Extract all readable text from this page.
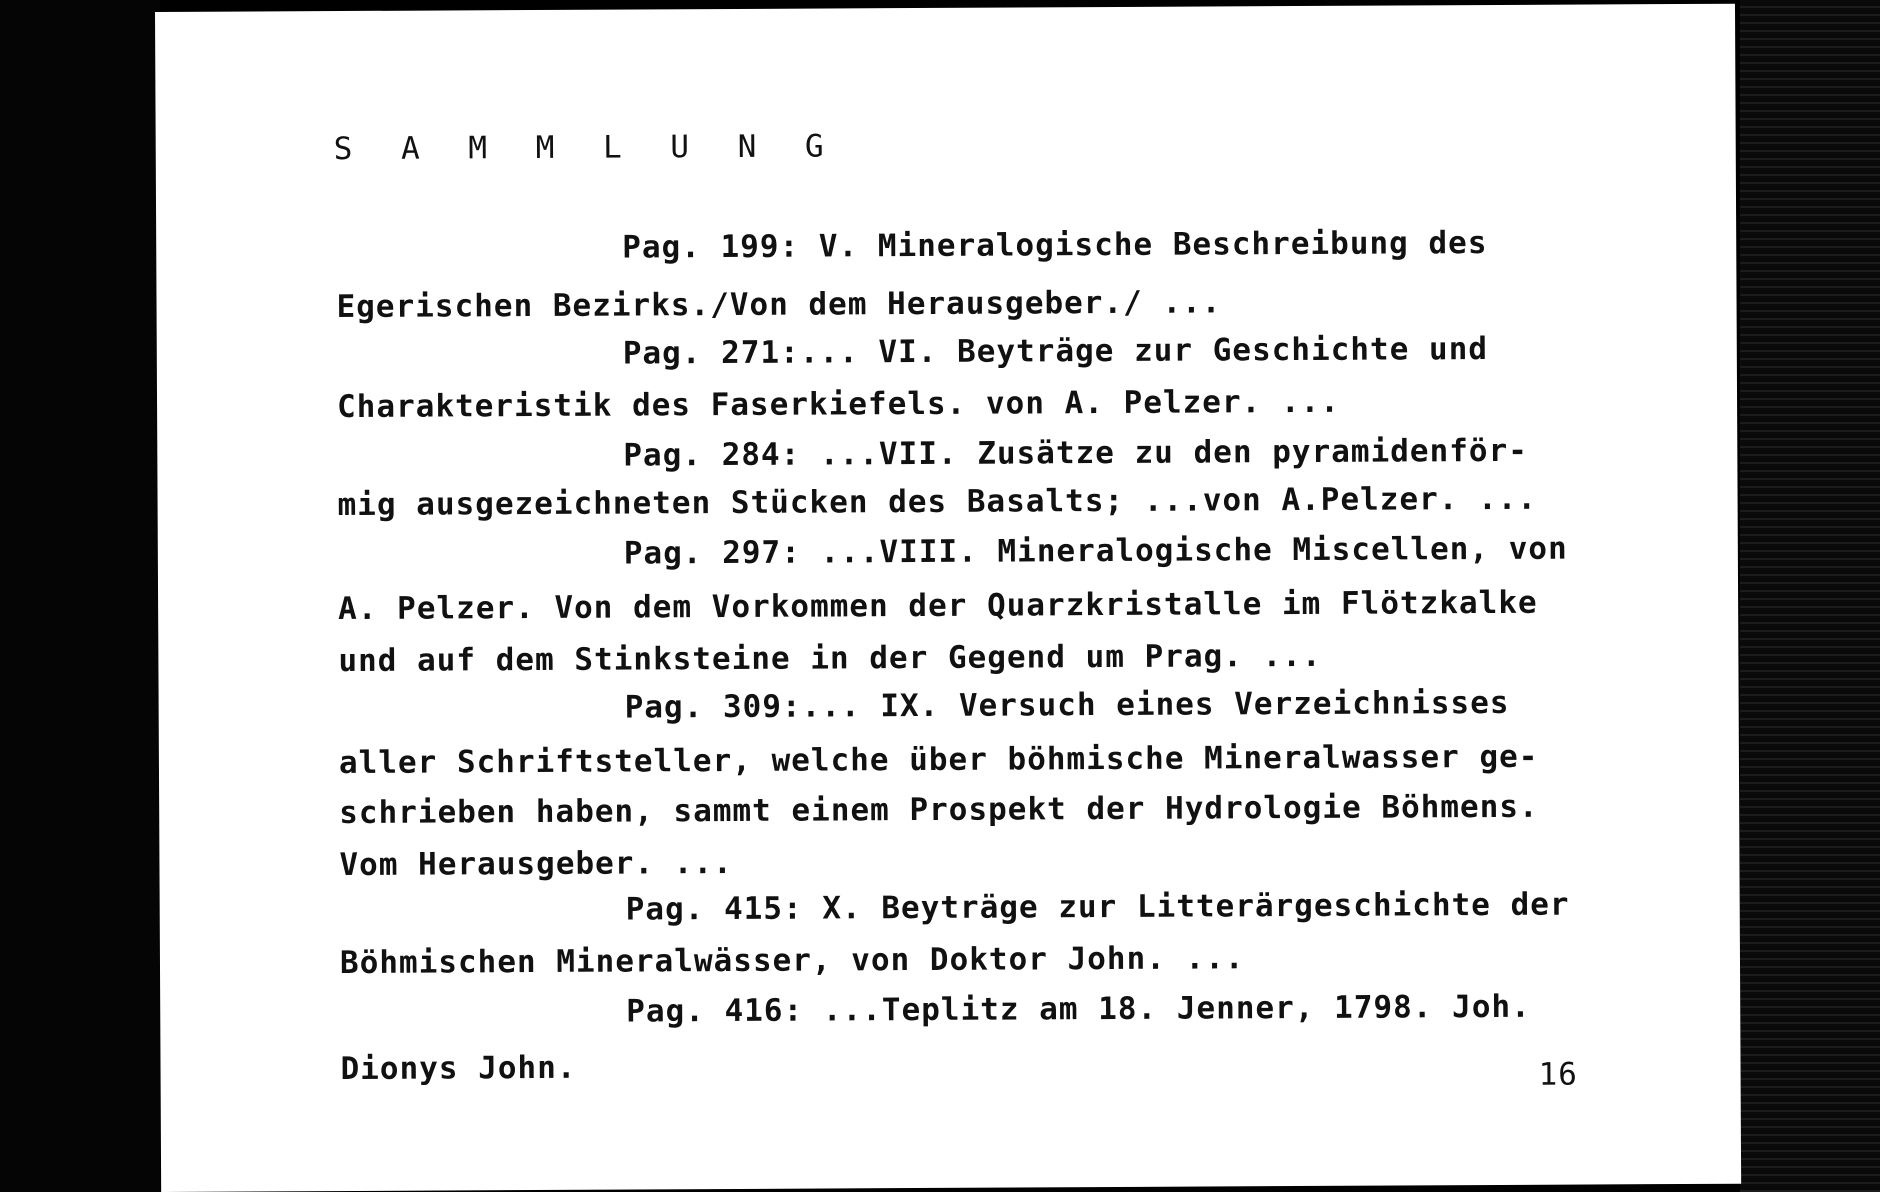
S A M M L U N G
Pag. 199: V. Mineralogische Beschreibung des
Egerischen Bezirks./Von dem Herausgeber./ ...
Pag. 271:... VI. Beyträge zur Geschichte und
Charakteristik des Faserkiefels. von A. Pelzer. ...
Pag. 284: ...VII. Zusätze zu den pyramidenför-
mig ausgezeichneten Stücken des Basalts; ...von A.Pelzer. ...
Pag. 297: ...VIII. Mineralogische Miscellen, von
A. Pelzer. Von dem Vorkommen der Quarzkristalle im Flötzkalke
und auf dem Stinksteine in der Gegend um Prag. ...
Pag. 309:... IX. Versuch eines Verzeichnisses
aller Schriftsteller, welche über böhmische Mineralwasser ge-
schrieben haben, sammt einem Prospekt der Hydrologie Böhmens.
Vom Herausgeber. ...
Pag. 415: X. Beyträge zur Litterärgeschichte der
Böhmischen Mineralwässer, von Doktor John. ...
Pag. 416: ...Teplitz am 18. Jenner, 1798. Joh.
Dionys John.	16
